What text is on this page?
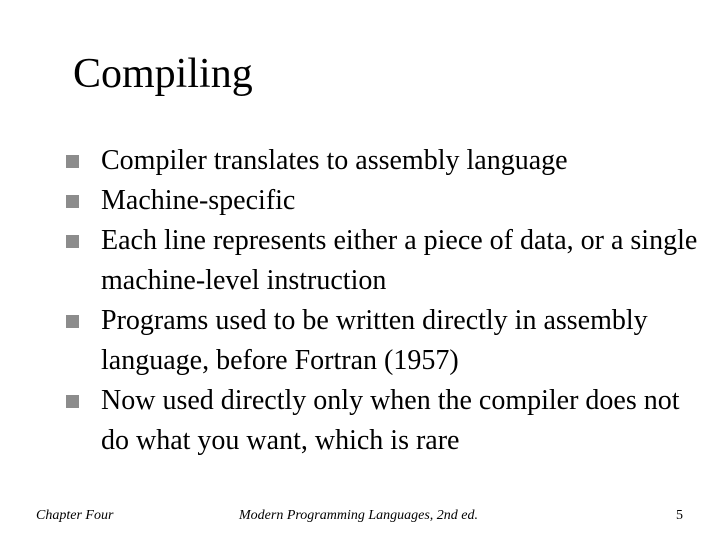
Compiling
Compiler translates to assembly language
Machine-specific
Each line represents either a piece of data, or a single machine-level instruction
Programs used to be written directly in assembly language, before Fortran (1957)
Now used directly only when the compiler does not do what you want, which is rare
Chapter Four	Modern Programming Languages, 2nd ed.	5
